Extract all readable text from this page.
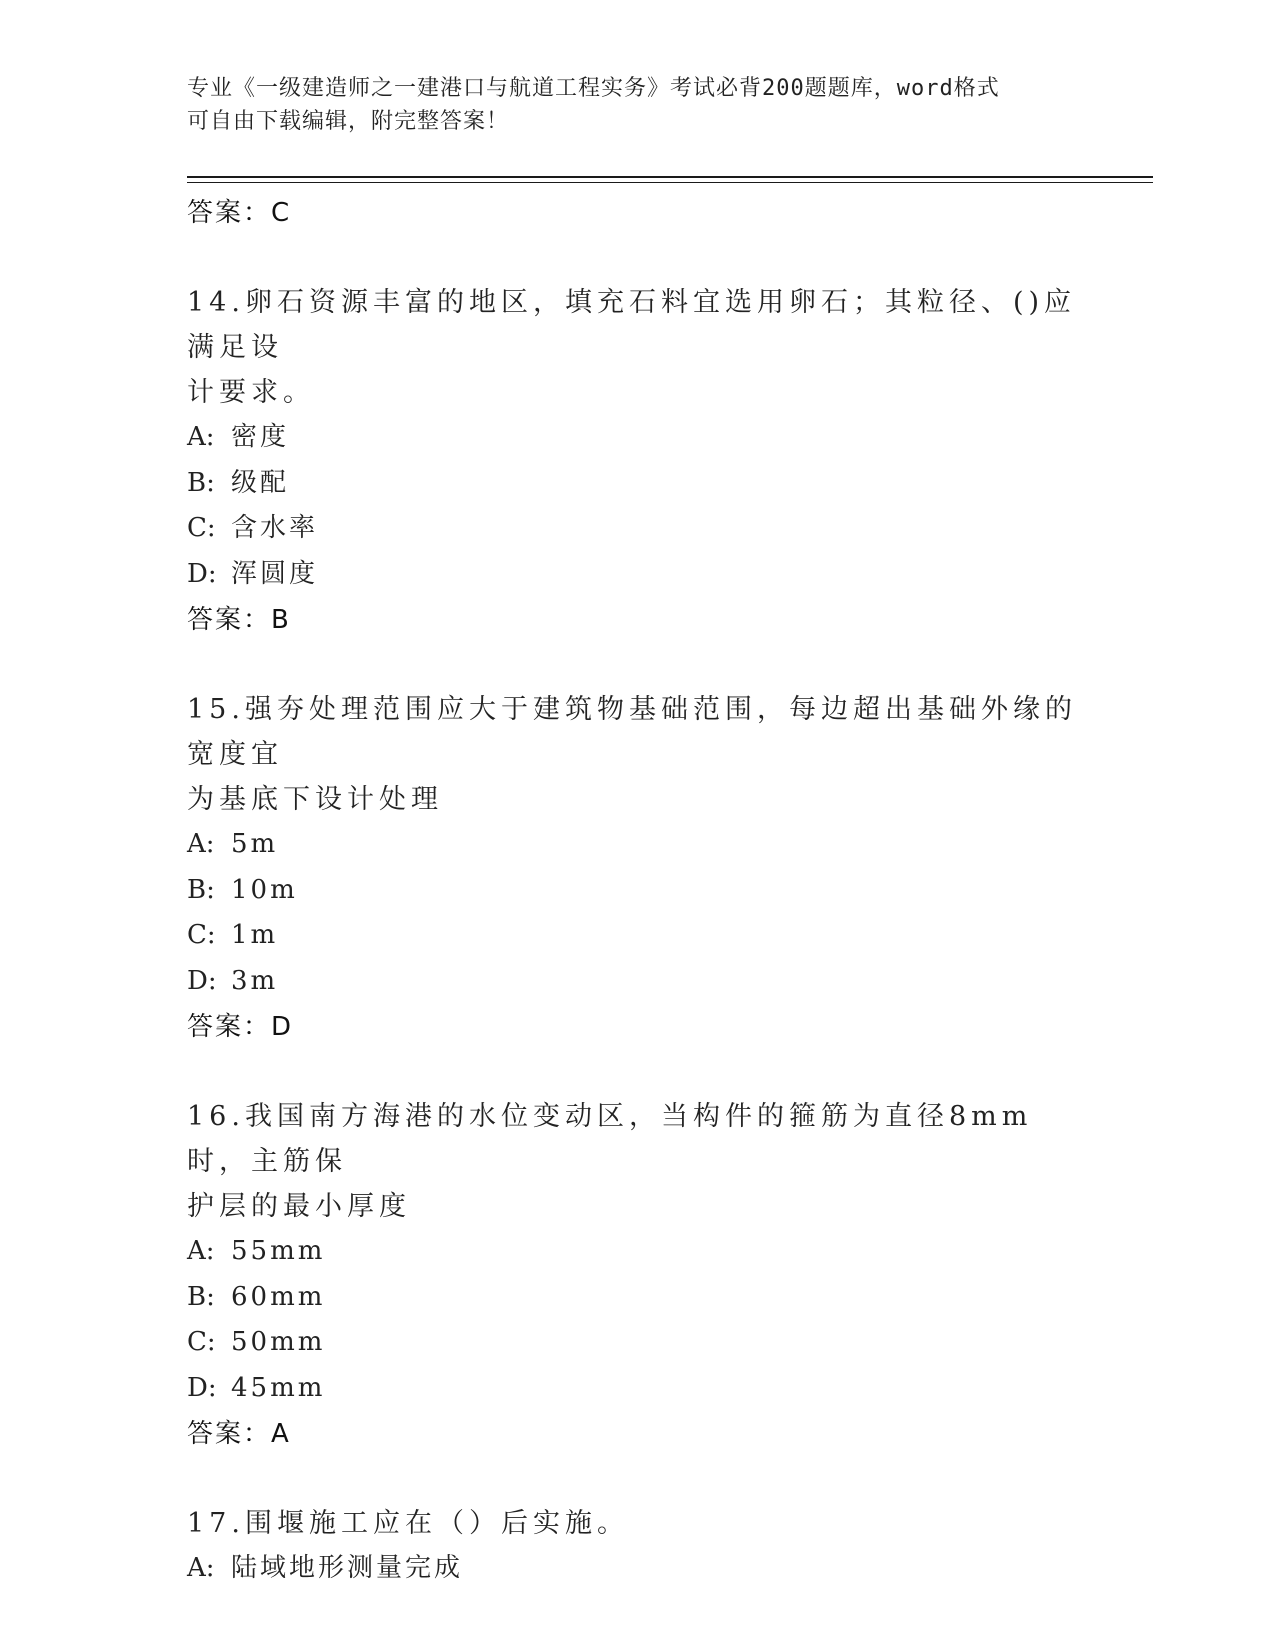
专业《一级建造师之一建港口与航道工程实务》考试必背200题题库，word格式
可自由下载编辑，附完整答案！
答案：C
14.卵石资源丰富的地区，填充石料宜选用卵石；其粒径、()应满足设
计要求。
A: 密度
B: 级配
C: 含水率
D: 浑圆度
答案：B
15.强夯处理范围应大于建筑物基础范围，每边超出基础外缘的宽度宜
为基底下设计处理
A: 5m
B: 10m
C: 1m
D: 3m
答案：D
16.我国南方海港的水位变动区，当构件的箍筋为直径8mm时，主筋保
护层的最小厚度
A: 55mm
B: 60mm
C: 50mm
D: 45mm
答案：A
17.围堰施工应在（）后实施。
A: 陆域地形测量完成
